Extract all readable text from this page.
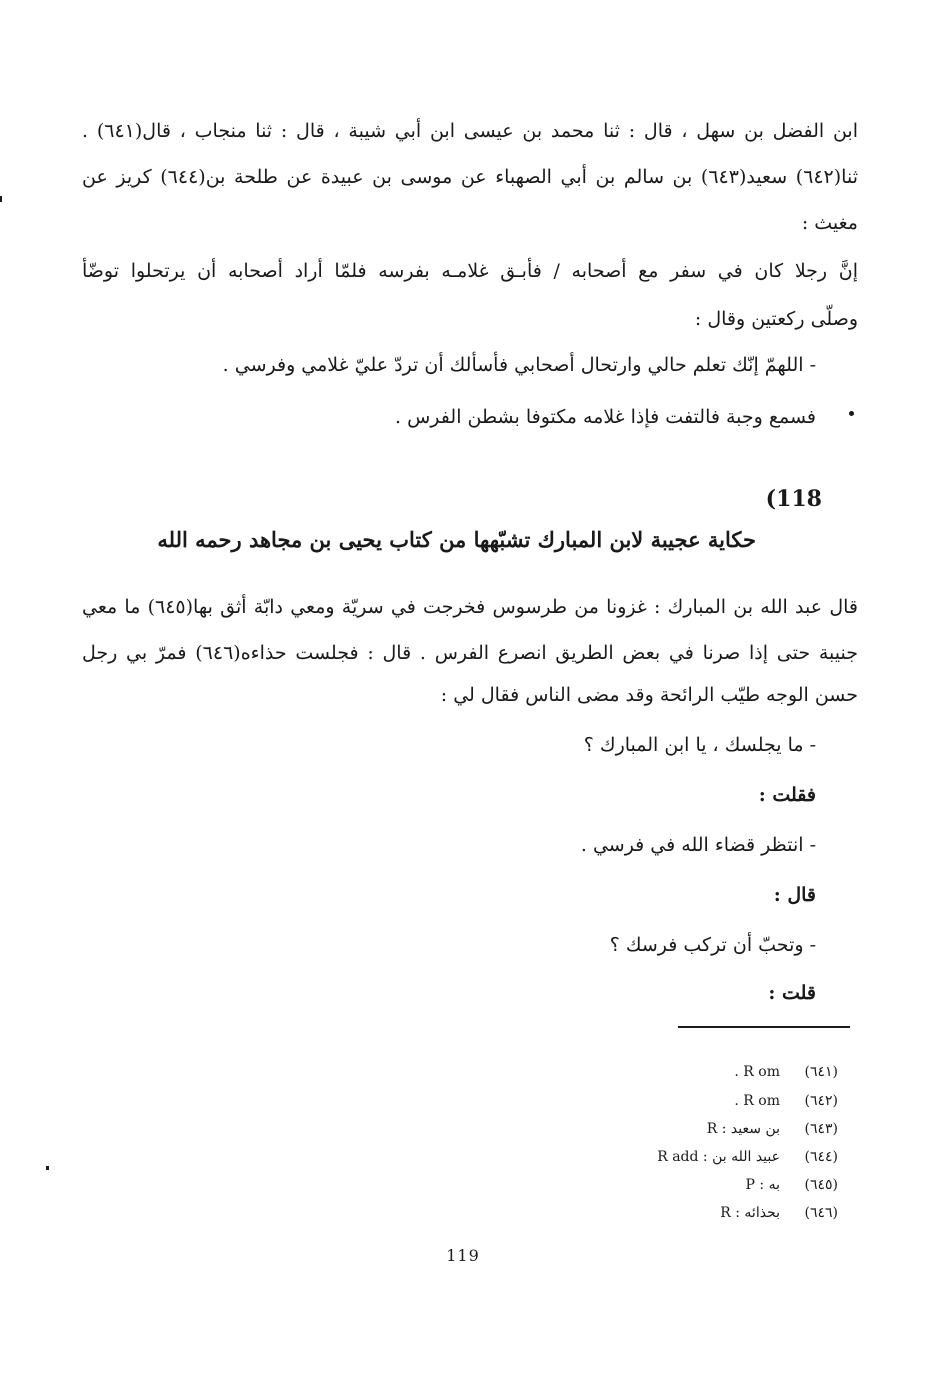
ابن الفضل بن سهل ، قال : ثنا محمد بن عيسى ابن أبي شيبة ، قال : ثنا منجاب ، قال(٦٤١) .
ثنا(٦٤٢) سعيد(٦٤٣) بن سالم بن أبي الصهباء عن موسى بن عبيدة عن طلحة بن(٦٤٤) كريز عن
مغيث :
إنَّ رجلا كان في سفر مع أصحابه / فأبـق غلامـه بفرسه فلمّا أراد أصحابه أن يرتحلوا توضّأ
وصلّى ركعتين وقال :
- اللهمّ إنّك تعلم حالي وارتحال أصحابي فأسألك أن تردّ عليّ غلامي وفرسي .
فسمع وجبة فالتفت فإذا غلامه مكتوفا بشطن الفرس .
(118
حكاية عجيبة لابن المبارك تشبّهها من كتاب يحيى بن مجاهد رحمه الله
قال عبد الله بن المبارك : غزونا من طرسوس فخرجت في سريّة ومعي دابّة أثق بها(٦٤٥) ما معي
جنيبة حتى إذا صرنا في بعض الطريق انصرع الفرس . قال : فجلست حذاءه(٦٤٦) فمرّ بي رجل
حسن الوجه طيّب الرائحة وقد مضى الناس فقال لي :
- ما يجلسك ، يا ابن المبارك ؟
فقلت :
- انتظر قضاء الله في فرسي .
قال :
- وتحبّ أن تركب فرسك ؟
قلت :
(٦٤١)R om .
(٦٤٢)R om .
(٦٤٣)بن سعيد : R
(٦٤٤)عبيد الله بن : R add
(٦٤٥)به : P
(٦٤٦)بحذائه : R
119
